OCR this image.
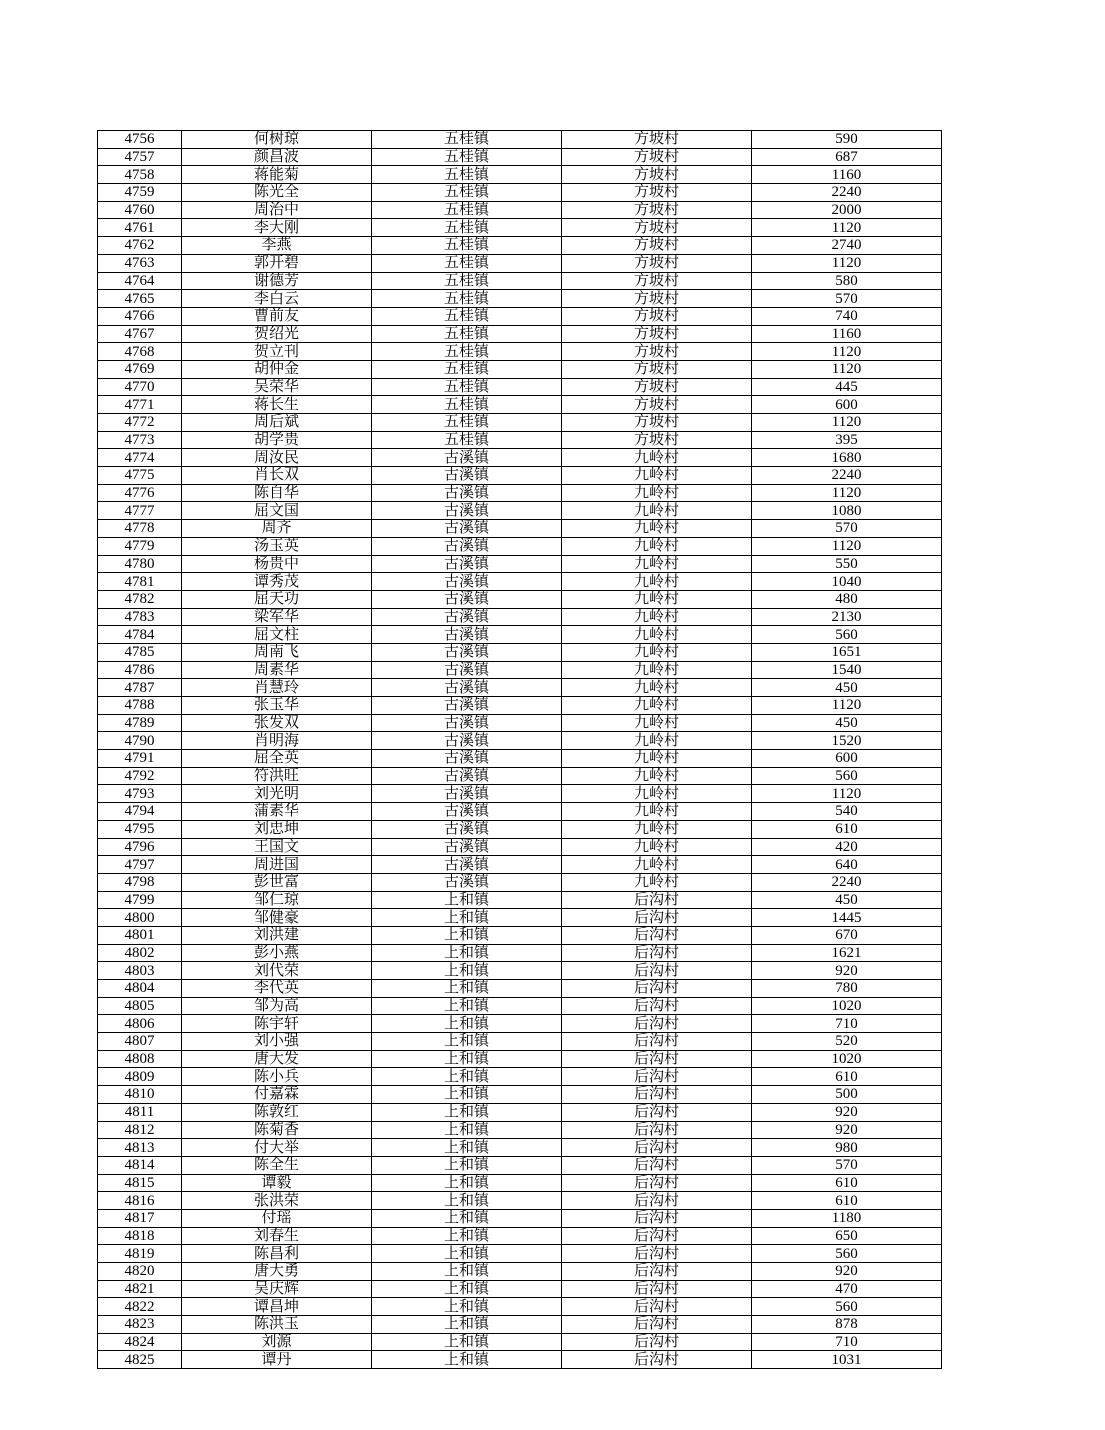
4756	何树琼	五桂镇	方坡村	590
4757	颜昌波	五桂镇	方坡村	687
4758	蒋能菊	五桂镇	方坡村	1160
4759	陈光全	五桂镇	方坡村	2240
4760	周治中	五桂镇	方坡村	2000
4761	李大刚	五桂镇	方坡村	1120
4762	李燕	五桂镇	方坡村	2740
4763	郭开碧	五桂镇	方坡村	1120
4764	谢德芳	五桂镇	方坡村	580
4765	李白云	五桂镇	方坡村	570
4766	曹前友	五桂镇	方坡村	740
4767	贺绍光	五桂镇	方坡村	1160
4768	贺立刊	五桂镇	方坡村	1120
4769	胡仲金	五桂镇	方坡村	1120
4770	吴荣华	五桂镇	方坡村	445
4771	蒋长生	五桂镇	方坡村	600
4772	周后斌	五桂镇	方坡村	1120
4773	胡学贵	五桂镇	方坡村	395
4774	周汝民	古溪镇	九岭村	1680
4775	肖长双	古溪镇	九岭村	2240
4776	陈自华	古溪镇	九岭村	1120
4777	屈文国	古溪镇	九岭村	1080
4778	周齐	古溪镇	九岭村	570
4779	汤玉英	古溪镇	九岭村	1120
4780	杨贵中	古溪镇	九岭村	550
4781	谭秀茂	古溪镇	九岭村	1040
4782	屈天功	古溪镇	九岭村	480
4783	梁军华	古溪镇	九岭村	2130
4784	屈文柱	古溪镇	九岭村	560
4785	周南飞	古溪镇	九岭村	1651
4786	周素华	古溪镇	九岭村	1540
4787	肖慧玲	古溪镇	九岭村	450
4788	张玉华	古溪镇	九岭村	1120
4789	张发双	古溪镇	九岭村	450
4790	肖明海	古溪镇	九岭村	1520
4791	屈全英	古溪镇	九岭村	600
4792	符洪旺	古溪镇	九岭村	560
4793	刘光明	古溪镇	九岭村	1120
4794	蒲素华	古溪镇	九岭村	540
4795	刘忠坤	古溪镇	九岭村	610
4796	王国文	古溪镇	九岭村	420
4797	周进国	古溪镇	九岭村	640
4798	彭世富	古溪镇	九岭村	2240
4799	邹仁琼	上和镇	后沟村	450
4800	邹健豪	上和镇	后沟村	1445
4801	刘洪建	上和镇	后沟村	670
4802	彭小燕	上和镇	后沟村	1621
4803	刘代荣	上和镇	后沟村	920
4804	李代英	上和镇	后沟村	780
4805	邹为高	上和镇	后沟村	1020
4806	陈宇轩	上和镇	后沟村	710
4807	刘小强	上和镇	后沟村	520
4808	唐大发	上和镇	后沟村	1020
4809	陈小兵	上和镇	后沟村	610
4810	付嘉霖	上和镇	后沟村	500
4811	陈敦红	上和镇	后沟村	920
4812	陈菊香	上和镇	后沟村	920
4813	付大举	上和镇	后沟村	980
4814	陈全生	上和镇	后沟村	570
4815	谭毅	上和镇	后沟村	610
4816	张洪荣	上和镇	后沟村	610
4817	付瑶	上和镇	后沟村	1180
4818	刘春生	上和镇	后沟村	650
4819	陈昌利	上和镇	后沟村	560
4820	唐大勇	上和镇	后沟村	920
4821	吴庆辉	上和镇	后沟村	470
4822	谭昌坤	上和镇	后沟村	560
4823	陈洪玉	上和镇	后沟村	878
4824	刘源	上和镇	后沟村	710
4825	谭丹	上和镇	后沟村	1031
